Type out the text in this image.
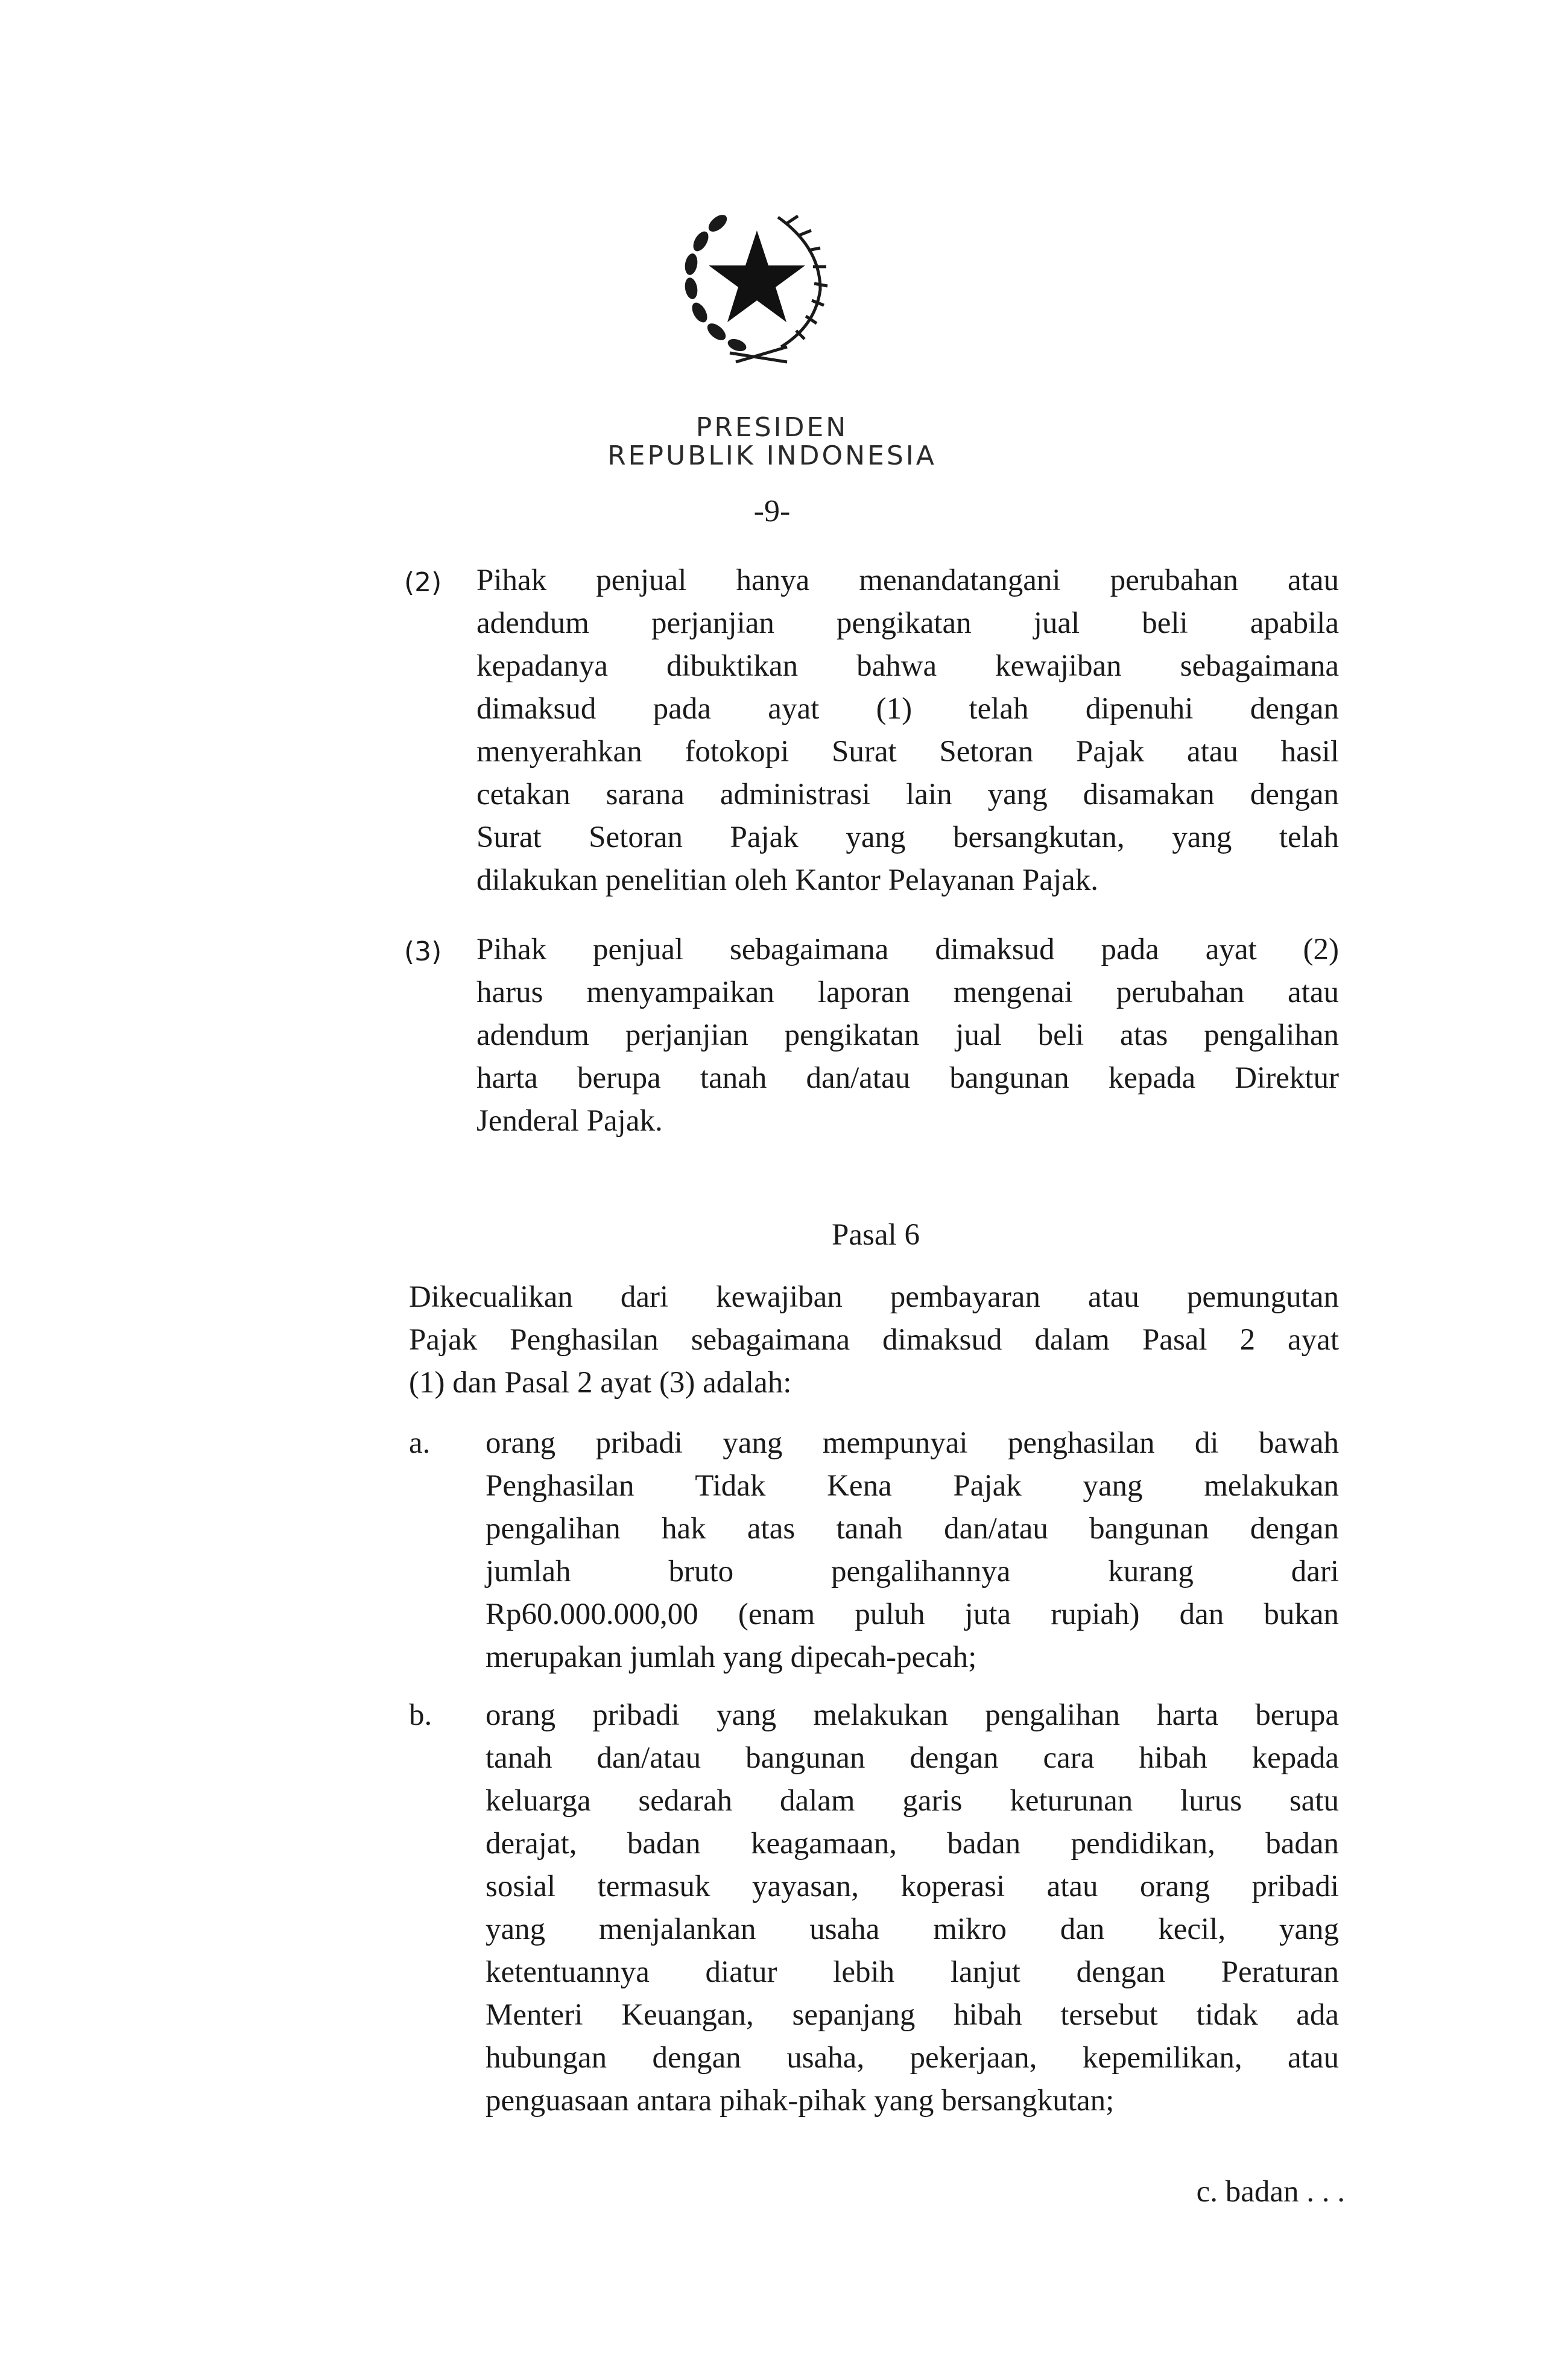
PRESIDEN
REPUBLIK INDONESIA
-9-
(2) Pihak penjual hanya menandatangani perubahan atau
adendum perjanjian pengikatan jual beli apabila
kepadanya dibuktikan bahwa kewajiban sebagaimana
dimaksud pada ayat (1) telah dipenuhi dengan
menyerahkan fotokopi Surat Setoran Pajak atau hasil
cetakan sarana administrasi lain yang disamakan dengan
Surat Setoran Pajak yang bersangkutan, yang telah
dilakukan penelitian oleh Kantor Pelayanan Pajak.
(3) Pihak penjual sebagaimana dimaksud pada ayat (2)
harus menyampaikan laporan mengenai perubahan atau
adendum perjanjian pengikatan jual beli atas pengalihan
harta berupa tanah dan/atau bangunan kepada Direktur
Jenderal Pajak.
Pasal 6
Dikecualikan dari kewajiban pembayaran atau pemungutan
Pajak Penghasilan sebagaimana dimaksud dalam Pasal 2 ayat
(1) dan Pasal 2 ayat (3) adalah:
a. orang pribadi yang mempunyai penghasilan di bawah
Penghasilan Tidak Kena Pajak yang melakukan
pengalihan hak atas tanah dan/atau bangunan dengan
jumlah bruto pengalihannya kurang dari
Rp60.000.000,00 (enam puluh juta rupiah) dan bukan
merupakan jumlah yang dipecah-pecah;
b. orang pribadi yang melakukan pengalihan harta berupa
tanah dan/atau bangunan dengan cara hibah kepada
keluarga sedarah dalam garis keturunan lurus satu
derajat, badan keagamaan, badan pendidikan, badan
sosial termasuk yayasan, koperasi atau orang pribadi
yang menjalankan usaha mikro dan kecil, yang
ketentuannya diatur lebih lanjut dengan Peraturan
Menteri Keuangan, sepanjang hibah tersebut tidak ada
hubungan dengan usaha, pekerjaan, kepemilikan, atau
penguasaan antara pihak-pihak yang bersangkutan;
c. badan . . .
